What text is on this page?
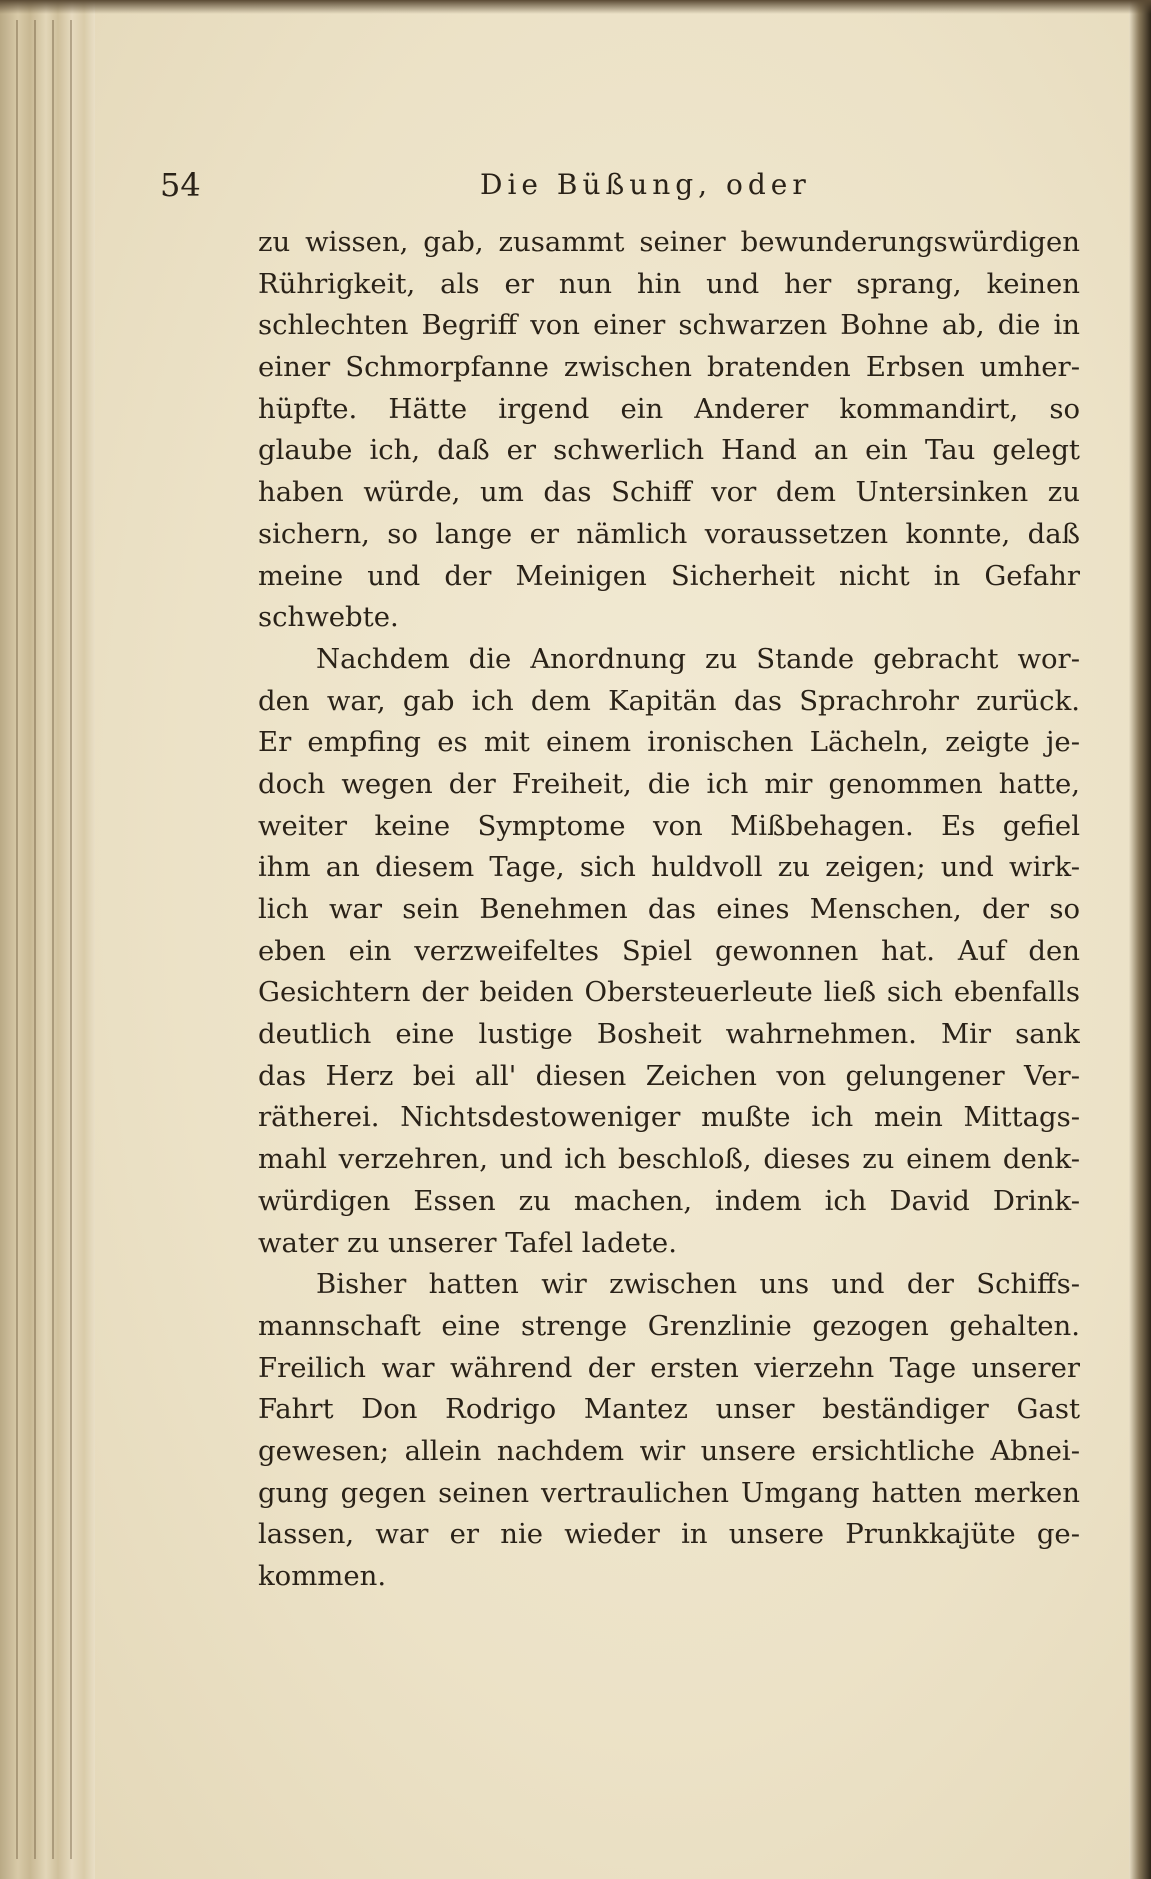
54	Die Büßung, oder
zu wissen, gab, zusammt seiner bewunderungswürdigen
Rührigkeit, als er nun hin und her sprang, keinen
schlechten Begriff von einer schwarzen Bohne ab, die in
einer Schmorpfanne zwischen bratenden Erbsen umher-
hüpfte. Hätte irgend ein Anderer kommandirt, so
glaube ich, daß er schwerlich Hand an ein Tau gelegt
haben würde, um das Schiff vor dem Untersinken zu
sichern, so lange er nämlich voraussetzen konnte, daß
meine und der Meinigen Sicherheit nicht in Gefahr
schwebte.
Nachdem die Anordnung zu Stande gebracht wor-
den war, gab ich dem Kapitän das Sprachrohr zurück.
Er empfing es mit einem ironischen Lächeln, zeigte je-
doch wegen der Freiheit, die ich mir genommen hatte,
weiter keine Symptome von Mißbehagen. Es gefiel
ihm an diesem Tage, sich huldvoll zu zeigen; und wirk-
lich war sein Benehmen das eines Menschen, der so
eben ein verzweifeltes Spiel gewonnen hat. Auf den
Gesichtern der beiden Obersteuerleute ließ sich ebenfalls
deutlich eine lustige Bosheit wahrnehmen. Mir sank
das Herz bei all' diesen Zeichen von gelungener Ver-
rätherei. Nichtsdestoweniger mußte ich mein Mittags-
mahl verzehren, und ich beschloß, dieses zu einem denk-
würdigen Essen zu machen, indem ich David Drink-
water zu unserer Tafel ladete.
Bisher hatten wir zwischen uns und der Schiffs-
mannschaft eine strenge Grenzlinie gezogen gehalten.
Freilich war während der ersten vierzehn Tage unserer
Fahrt Don Rodrigo Mantez unser beständiger Gast
gewesen; allein nachdem wir unsere ersichtliche Abnei-
gung gegen seinen vertraulichen Umgang hatten merken
lassen, war er nie wieder in unsere Prunkkajüte ge-
kommen.
